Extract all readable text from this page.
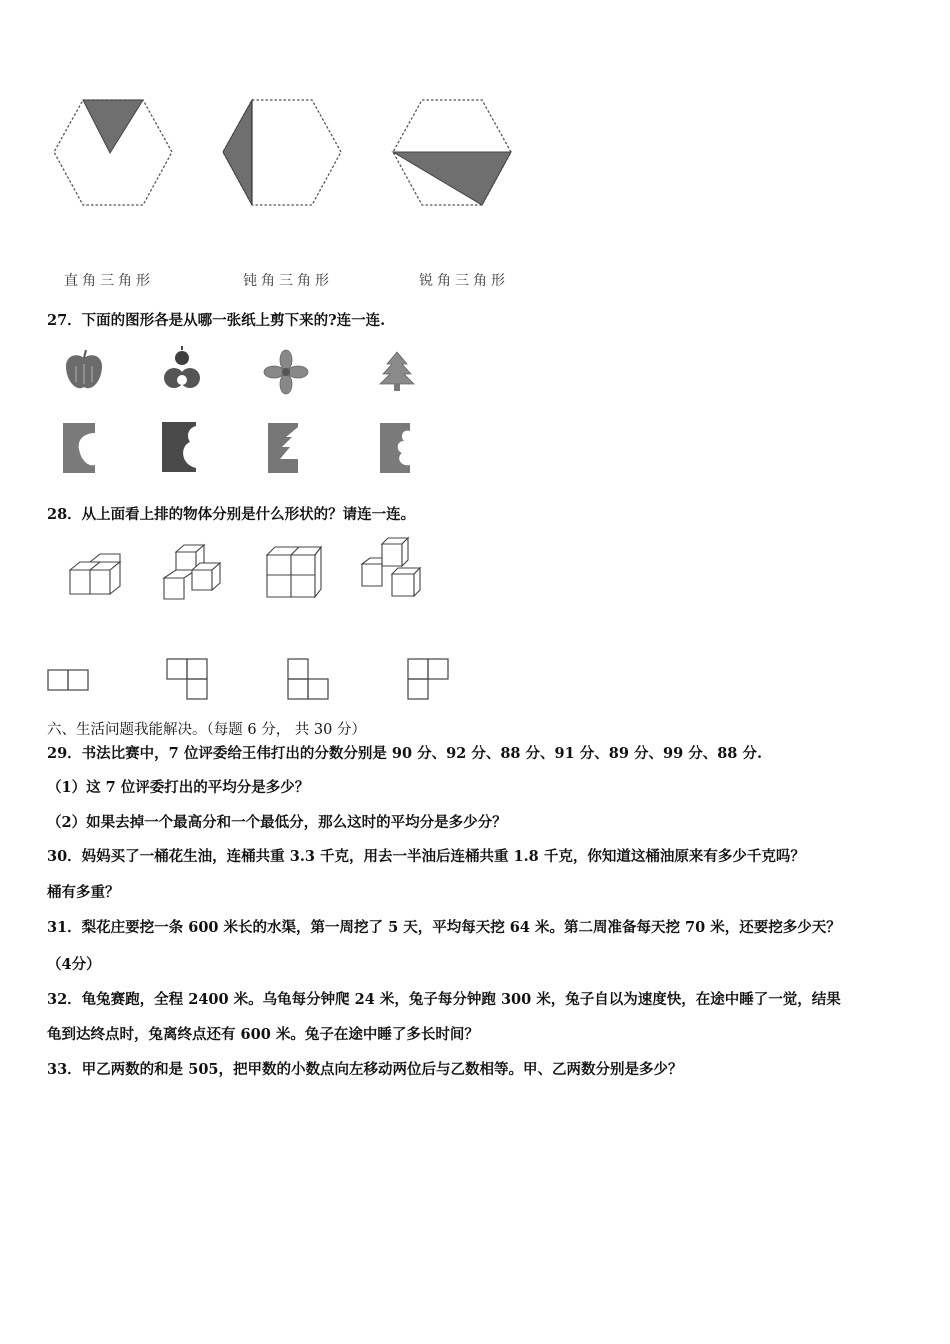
直角三角形	钝角三角形	锐角三角形
27．下面的图形各是从哪一张纸上剪下来的?连一连.
28．从上面看上排的物体分别是什么形状的？请连一连。
六、生活问题我能解决。（每题 6 分， 共 30 分）
29．书法比赛中，7 位评委给王伟打出的分数分别是 90 分、92 分、88 分、91 分、89 分、99 分、88 分.
（1）这 7 位评委打出的平均分是多少？
（2）如果去掉一个最高分和一个最低分，那么这时的平均分是多少分？
30．妈妈买了一桶花生油，连桶共重 3.3 千克，用去一半油后连桶共重 1.8 千克，你知道这桶油原来有多少千克吗？
桶有多重？
31．梨花庄要挖一条 600 米长的水渠，第一周挖了 5 天，平均每天挖 64 米。第二周准备每天挖 70 米，还要挖多少天？
（4分）
32．龟兔赛跑，全程 2400 米。乌龟每分钟爬 24 米，兔子每分钟跑 300 米，兔子自以为速度快，在途中睡了一觉，结果
龟到达终点时，兔离终点还有 600 米。兔子在途中睡了多长时间？
33．甲乙两数的和是 505，把甲数的小数点向左移动两位后与乙数相等。甲、乙两数分别是多少？
